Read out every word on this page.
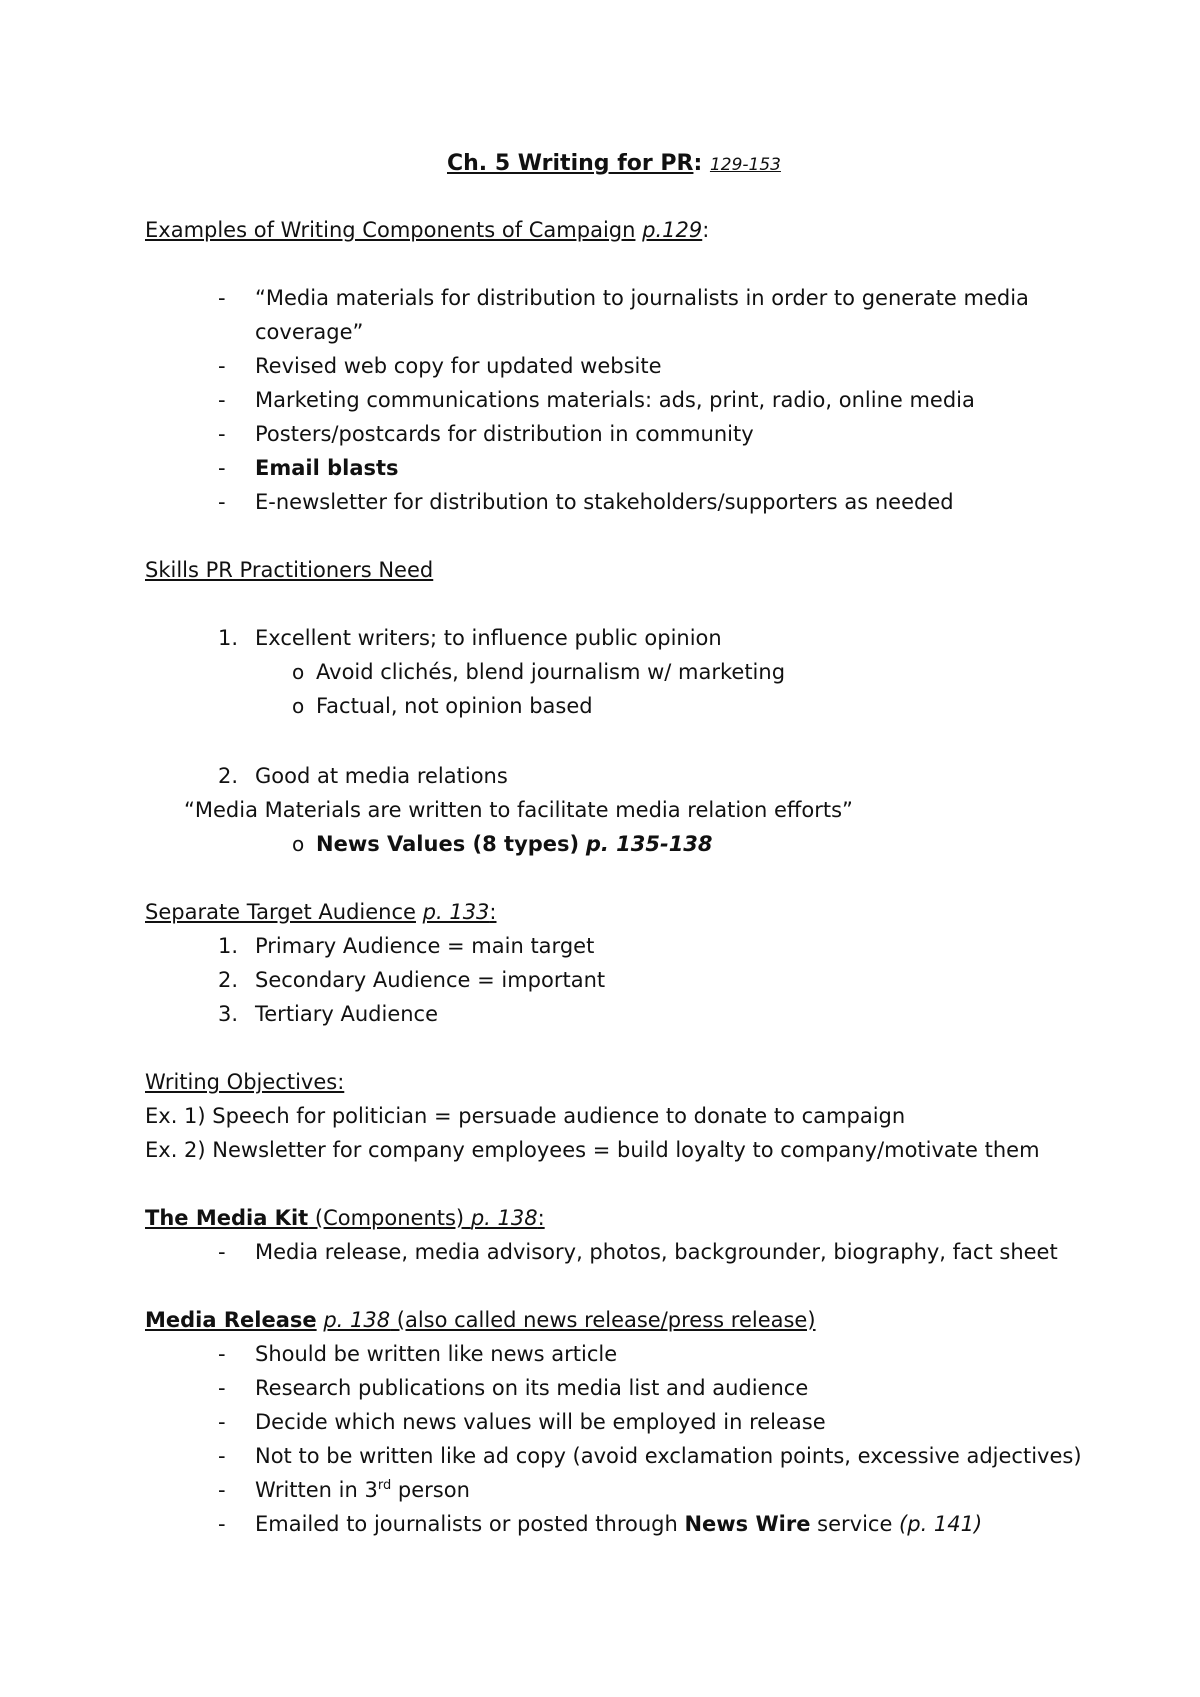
Ch. 5 Writing for PR: 129-153
Examples of Writing Components of Campaign p.129:
-	“Media materials for distribution to journalists in order to generate media
coverage”
-	Revised web copy for updated website
-	Marketing communications materials: ads, print, radio, online media
-	Posters/postcards for distribution in community
-	Email blasts
-	E-newsletter for distribution to stakeholders/supporters as needed
Skills PR Practitioners Need
1. Excellent writers; to influence public opinion
o Avoid clichés, blend journalism w/ marketing
o Factual, not opinion based
2. Good at media relations
“Media Materials are written to facilitate media relation efforts”
o News Values (8 types) p. 135-138
Separate Target Audience p. 133:
1. Primary Audience = main target
2. Secondary Audience = important
3. Tertiary Audience
Writing Objectives:
Ex. 1) Speech for politician = persuade audience to donate to campaign
Ex. 2) Newsletter for company employees = build loyalty to company/motivate them
The Media Kit (Components) p. 138:
-	Media release, media advisory, photos, backgrounder, biography, fact sheet
Media Release p. 138 (also called news release/press release)
-	Should be written like news article
-	Research publications on its media list and audience
-	Decide which news values will be employed in release
-	Not to be written like ad copy (avoid exclamation points, excessive adjectives)
-	Written in 3rd person
-	Emailed to journalists or posted through News Wire service (p. 141)
